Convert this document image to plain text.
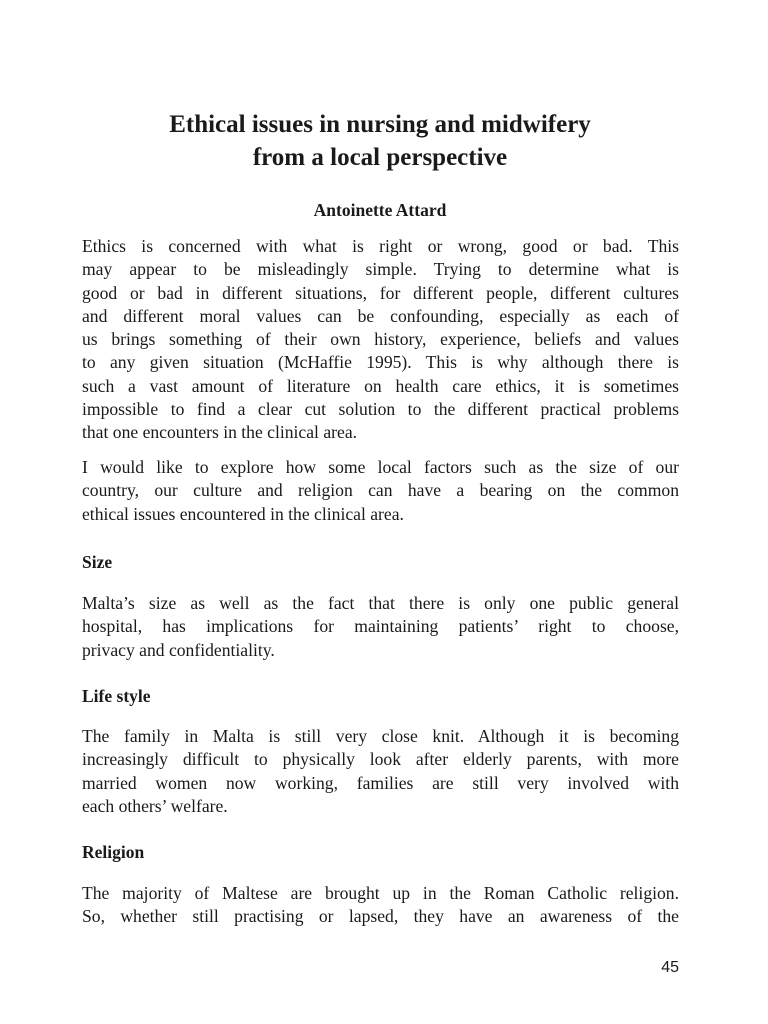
Ethical issues in nursing and midwifery
from a local perspective

Antoinette Attard

Ethics is concerned with what is right or wrong, good or bad. This
may appear to be misleadingly simple. Trying to determine what is
good or bad in different situations, for different people, different cultures
and different moral values can be confounding, especially as each of
us brings something of their own history, experience, beliefs and values
to any given situation (McHaffie 1995). This is why although there is
such a vast amount of literature on health care ethics, it is sometimes
impossible to find a clear cut solution to the different practical problems
that one encounters in the clinical area.
I would like to explore how some local factors such as the size of our
country, our culture and religion can have a bearing on the common
ethical issues encountered in the clinical area.
Size
Malta’s size as well as the fact that there is only one public general
hospital, has implications for maintaining patients’ right to choose,
privacy and confidentiality.
Life style
The family in Malta is still very close knit. Although it is becoming
increasingly difficult to physically look after elderly parents, with more
married women now working, families are still very involved with
each others’ welfare.
Religion
The majority of Maltese are brought up in the Roman Catholic religion.
So, whether still practising or lapsed, they have an awareness of the
45
